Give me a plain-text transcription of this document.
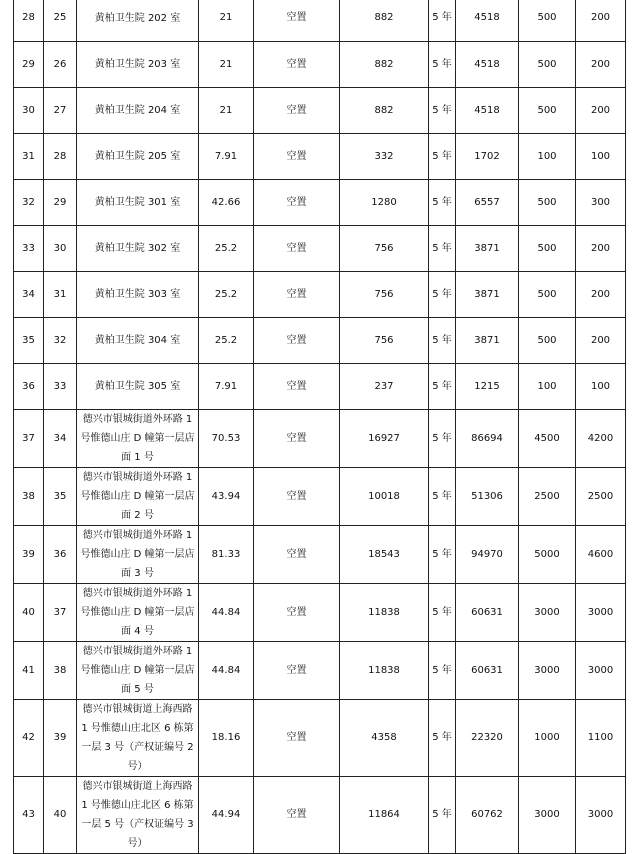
28	25	黄柏卫生院 202 室	21	空置	882	5 年	4518	500	200
29	26	黄柏卫生院 203 室	21	空置	882	5 年	4518	500	200
30	27	黄柏卫生院 204 室	21	空置	882	5 年	4518	500	200
31	28	黄柏卫生院 205 室	7.91	空置	332	5 年	1702	100	100
32	29	黄柏卫生院 301 室	42.66	空置	1280	5 年	6557	500	300
33	30	黄柏卫生院 302 室	25.2	空置	756	5 年	3871	500	200
34	31	黄柏卫生院 303 室	25.2	空置	756	5 年	3871	500	200
35	32	黄柏卫生院 304 室	25.2	空置	756	5 年	3871	500	200
36	33	黄柏卫生院 305 室	7.91	空置	237	5 年	1215	100	100
37	34	德兴市银城街道外环路 1 号惟德山庄 D 幢第一层店面 1 号	70.53	空置	16927	5 年	86694	4500	4200
38	35	德兴市银城街道外环路 1 号惟德山庄 D 幢第一层店面 2 号	43.94	空置	10018	5 年	51306	2500	2500
39	36	德兴市银城街道外环路 1 号惟德山庄 D 幢第一层店面 3 号	81.33	空置	18543	5 年	94970	5000	4600
40	37	德兴市银城街道外环路 1 号惟德山庄 D 幢第一层店面 4 号	44.84	空置	11838	5 年	60631	3000	3000
41	38	德兴市银城街道外环路 1 号惟德山庄 D 幢第一层店面 5 号	44.84	空置	11838	5 年	60631	3000	3000
42	39	德兴市银城街道上海西路 1 号惟德山庄北区 6 栋第一层 3 号（产权证编号 2 号）	18.16	空置	4358	5 年	22320	1000	1100
43	40	德兴市银城街道上海西路 1 号惟德山庄北区 6 栋第一层 5 号（产权证编号 3 号）	44.94	空置	11864	5 年	60762	3000	3000
